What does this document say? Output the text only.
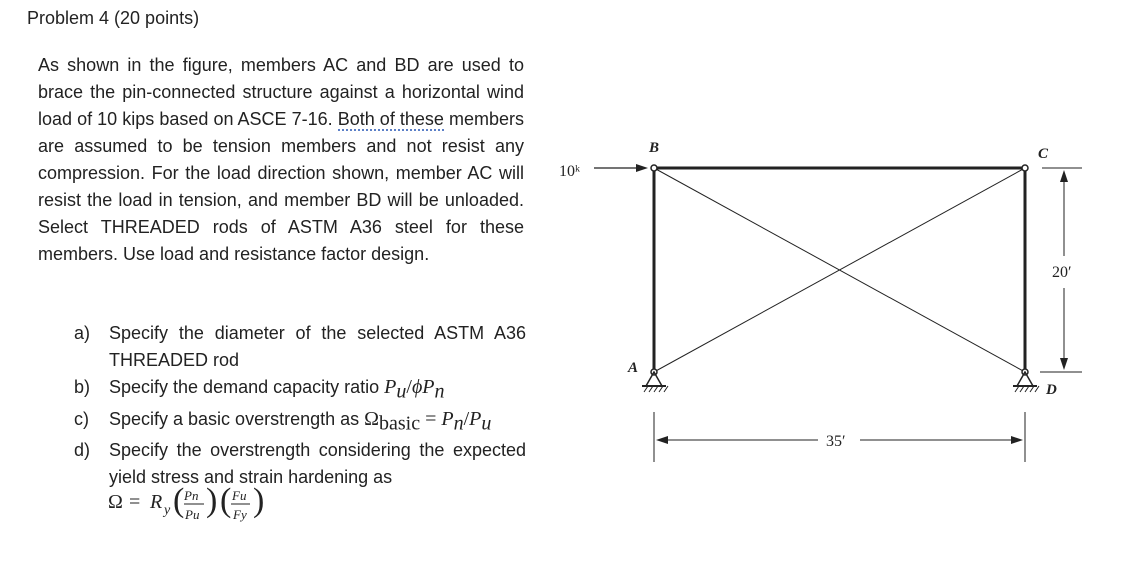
Problem 4 (20 points)

As shown in the figure, members AC and BD are used to brace the pin-connected structure against a horizontal wind load of 10 kips based on ASCE 7-16. Both of these members are assumed to be tension members and not resist any compression. For the load direction shown, member AC will resist the load in tension, and member BD will be unloaded. Select THREADED rods of ASTM A36 steel for these members. Use load and resistance factor design.

a)	Specify the diameter of the selected ASTM A36 THREADED rod
b)	Specify the demand capacity ratio $P_u/\phi P_n$
c)	Specify a basic overstrength as $\Omega_{basic} = P_n/P_u$
d)	Specify the overstrength considering the expected yield stress and strain hardening as
Ω = R y ( Pn
Pu ) ( Fu
Fy )
B	C
A
D
10ᵏ
20′
35′
